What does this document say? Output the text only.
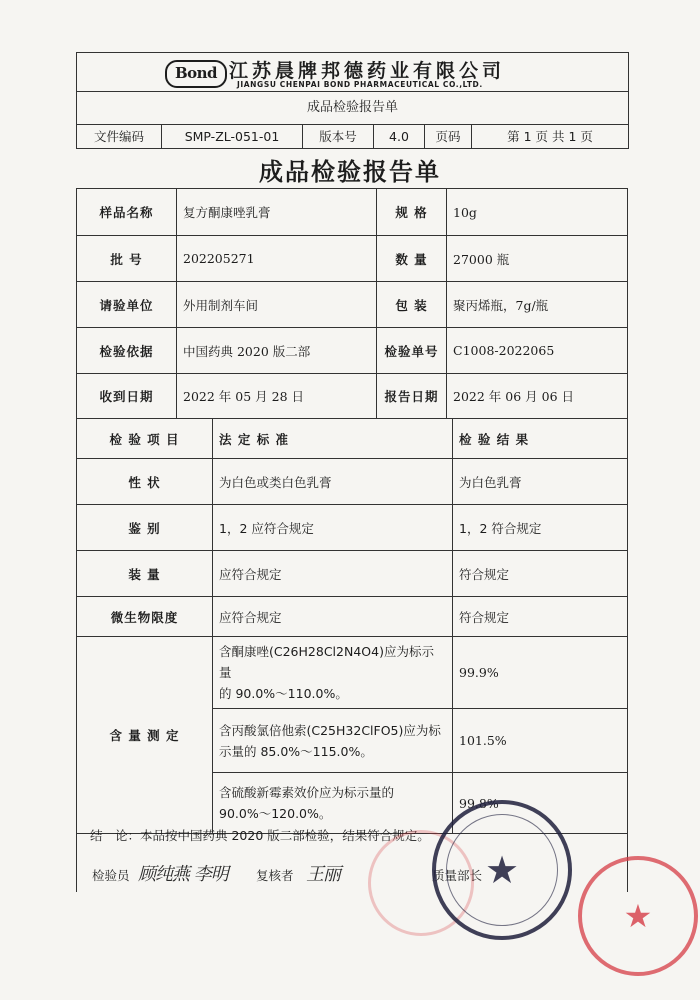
Bond 江苏晨牌邦德药业有限公司
JIANGSU CHENPAI BOND PHARMACEUTICAL CO.,LTD.
成品检验报告单
文件编码	SMP-ZL-051-01	版本号	4.0	页码	第 1 页 共 1 页
成品检验报告单
样品名称	复方酮康唑乳膏		规 格	10g	
批 号	202205271		数 量	27000 瓶	
请验单位	外用制剂车间		包 装	聚丙烯瓶，7g/瓶	
检验依据	中国药典 2020 版二部		检验单号	C1008-2022065	
收到日期	2022 年 05 月 28 日		报告日期	2022 年 06 月 06 日	
检 验 项 目		法 定 标 准			检 验 结 果
性 状		为白色或类白色乳膏			为白色乳膏
鉴 别		1，2 应符合规定			1，2 符合规定
装 量		应符合规定			符合规定
微生物限度		应符合规定			符合规定
含 量 测 定		含酮康唑(C26H28Cl2N4O4)应为标示量
的 90.0%～110.0%。			99.9%

		含丙酸氯倍他索(C25H32ClFO5)应为标
示量的 85.0%～115.0%。			101.5%

		含硫酸新霉素效价应为标示量的
90.0%～120.0%。			99.8%

结　论：本品按中国药典 2020 版二部检验，结果符合规定。
检验员 顾纯燕 李明 复核者 王丽	质量部长 ★
★
